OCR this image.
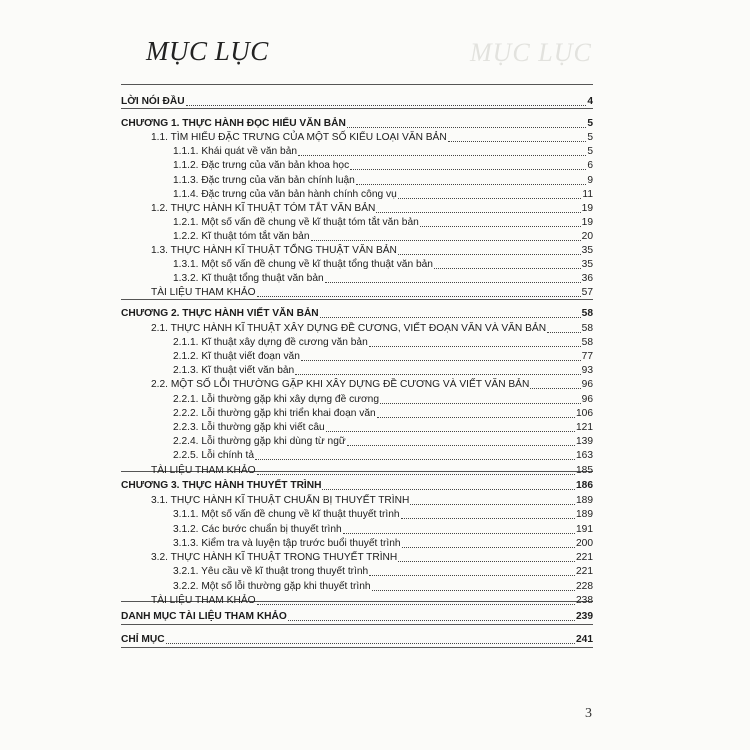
MỤC LỤC
MỤC LỤC
LỜI NÓI ĐẦU	4
CHƯƠNG 1. THỰC HÀNH ĐỌC HIỂU VĂN BẢN	5
1.1. TÌM HIỂU ĐẶC TRƯNG CỦA MỘT SỐ KIỂU LOẠI VĂN BẢN	5
1.1.1. Khái quát về văn bản	5
1.1.2. Đặc trưng của văn bản khoa học	6
1.1.3. Đặc trưng của văn bản chính luận	9
1.1.4. Đặc trưng của văn bản hành chính công vụ	11
1.2. THỰC HÀNH KĨ THUẬT TÓM TẮT VĂN BẢN	19
1.2.1. Một số vấn đề chung về kĩ thuật tóm tắt văn bản	19
1.2.2. Kĩ thuật tóm tắt văn bản	20
1.3. THỰC HÀNH KĨ THUẬT TỔNG THUẬT VĂN BẢN	35
1.3.1. Một số vấn đề chung về kĩ thuật tổng thuật văn bản	35
1.3.2. Kĩ thuật tổng thuật văn bản	36
TÀI LIỆU THAM KHẢO	57
CHƯƠNG 2. THỰC HÀNH VIẾT VĂN BẢN	58
2.1. THỰC HÀNH KĨ THUẬT XÂY DỰNG ĐỀ CƯƠNG, VIẾT ĐOẠN VĂN VÀ VĂN BẢN	58
2.1.1. Kĩ thuật xây dựng đề cương văn bản	58
2.1.2. Kĩ thuật viết đoạn văn	77
2.1.3. Kĩ thuật viết văn bản	93
2.2. MỘT SỐ LỖI THƯỜNG GẶP KHI XÂY DỰNG ĐỀ CƯƠNG VÀ VIẾT VĂN BẢN	96
2.2.1. Lỗi thường gặp khi xây dựng đề cương	96
2.2.2. Lỗi thường gặp khi triển khai đoạn văn	106
2.2.3. Lỗi thường gặp khi viết câu	121
2.2.4. Lỗi thường gặp khi dùng từ ngữ	139
2.2.5. Lỗi chính tả	163
TÀI LIỆU THAM KHẢO	185
CHƯƠNG 3. THỰC HÀNH THUYẾT TRÌNH	186
3.1. THỰC HÀNH KĨ THUẬT CHUẨN BỊ THUYẾT TRÌNH	189
3.1.1. Một số vấn đề chung về kĩ thuật thuyết trình	189
3.1.2. Các bước chuẩn bị thuyết trình	191
3.1.3. Kiểm tra và luyện tập trước buổi thuyết trình	200
3.2. THỰC HÀNH KĨ THUẬT TRONG THUYẾT TRÌNH	221
3.2.1. Yêu cầu về kĩ thuật trong thuyết trình	221
3.2.2. Một số lỗi thường gặp khi thuyết trình	228
TÀI LIỆU THAM KHẢO	238
DANH MỤC TÀI LIỆU THAM KHẢO	239
CHỈ MỤC	241
3
